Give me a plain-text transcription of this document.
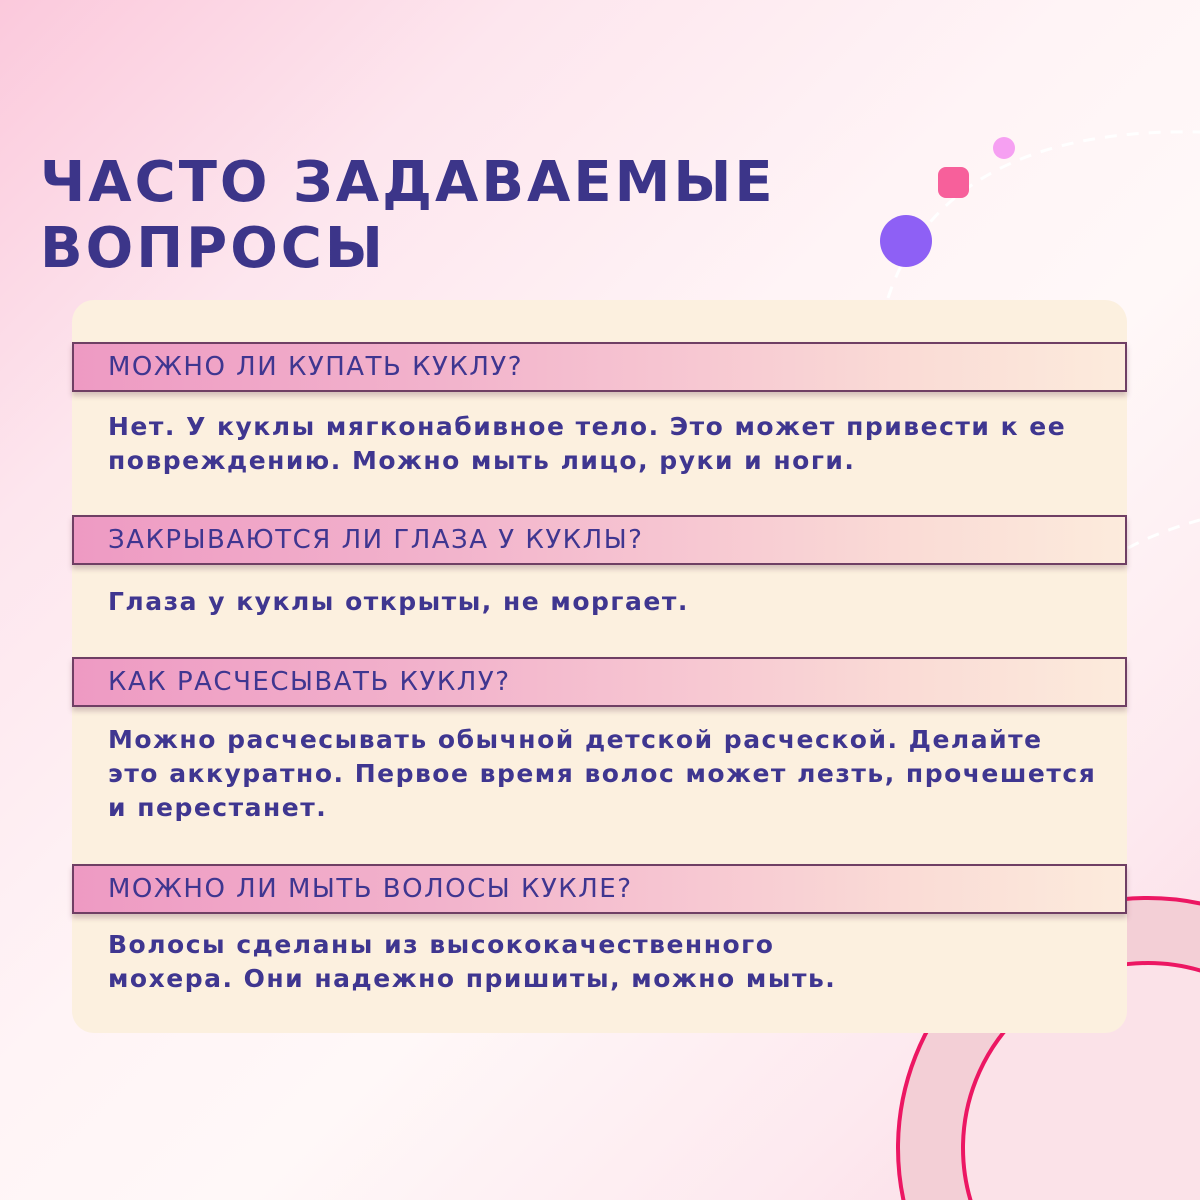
ЧАСТО ЗАДАВАЕМЫЕ
ВОПРОСЫ
МОЖНО ЛИ КУПАТЬ КУКЛУ?

Нет. У куклы мягконабивное тело. Это может привести к ее
повреждению. Можно мыть лицо, руки и ноги.

ЗАКРЫВАЮТСЯ ЛИ ГЛАЗА У КУКЛЫ?

Глаза у куклы открыты, не моргает.

КАК РАСЧЕСЫВАТЬ КУКЛУ?

Можно расчесывать обычной детской расческой. Делайте
это аккуратно. Первое время волос может лезть, прочешется
и перестанет.

МОЖНО ЛИ МЫТЬ ВОЛОСЫ КУКЛЕ?

Волосы сделаны из высококачественного
мохера. Они надежно пришиты, можно мыть.
